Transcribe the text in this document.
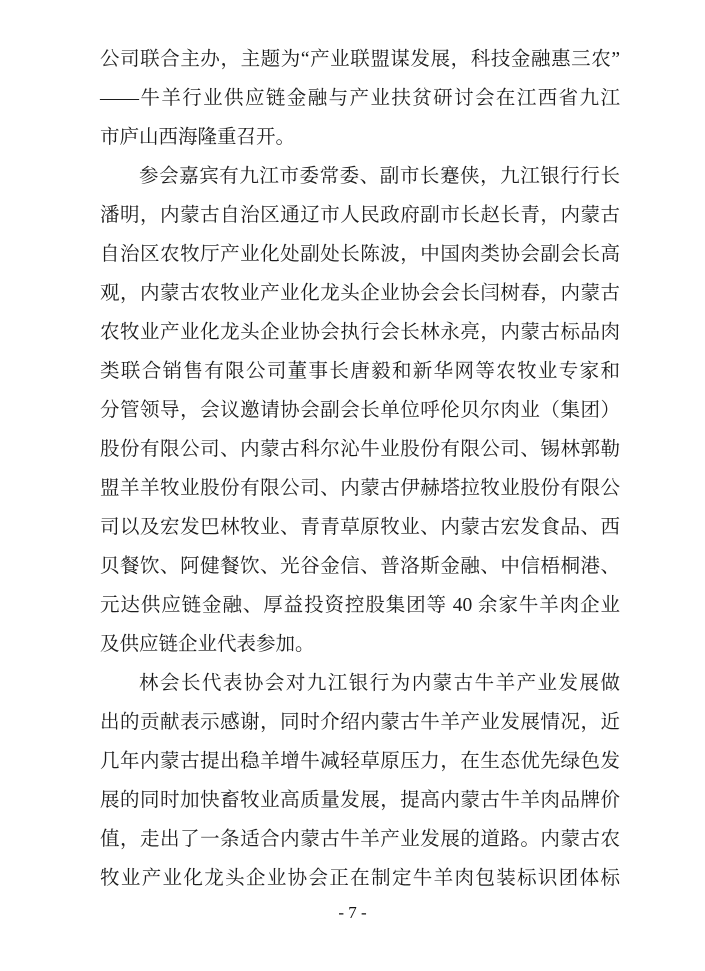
公司联合主办，主题为“产业联盟谋发展，科技金融惠三农”
——牛羊行业供应链金融与产业扶贫研讨会在江西省九江
市庐山西海隆重召开。
参会嘉宾有九江市委常委、副市长蹇侠，九江银行行长
潘明，内蒙古自治区通辽市人民政府副市长赵长青，内蒙古
自治区农牧厅产业化处副处长陈波，中国肉类协会副会长高
观，内蒙古农牧业产业化龙头企业协会会长闫树春，内蒙古
农牧业产业化龙头企业协会执行会长林永亮，内蒙古标品肉
类联合销售有限公司董事长唐毅和新华网等农牧业专家和
分管领导，会议邀请协会副会长单位呼伦贝尔肉业（集团）
股份有限公司、内蒙古科尔沁牛业股份有限公司、锡林郭勒
盟羊羊牧业股份有限公司、内蒙古伊赫塔拉牧业股份有限公
司以及宏发巴林牧业、青青草原牧业、内蒙古宏发食品、西
贝餐饮、阿健餐饮、光谷金信、普洛斯金融、中信梧桐港、
元达供应链金融、厚益投资控股集团等 40 余家牛羊肉企业
及供应链企业代表参加。
林会长代表协会对九江银行为内蒙古牛羊产业发展做
出的贡献表示感谢，同时介绍内蒙古牛羊产业发展情况，近
几年内蒙古提出稳羊增牛减轻草原压力，在生态优先绿色发
展的同时加快畜牧业高质量发展，提高内蒙古牛羊肉品牌价
值，走出了一条适合内蒙古牛羊产业发展的道路。内蒙古农
牧业产业化龙头企业协会正在制定牛羊肉包装标识团体标
- 7 -
